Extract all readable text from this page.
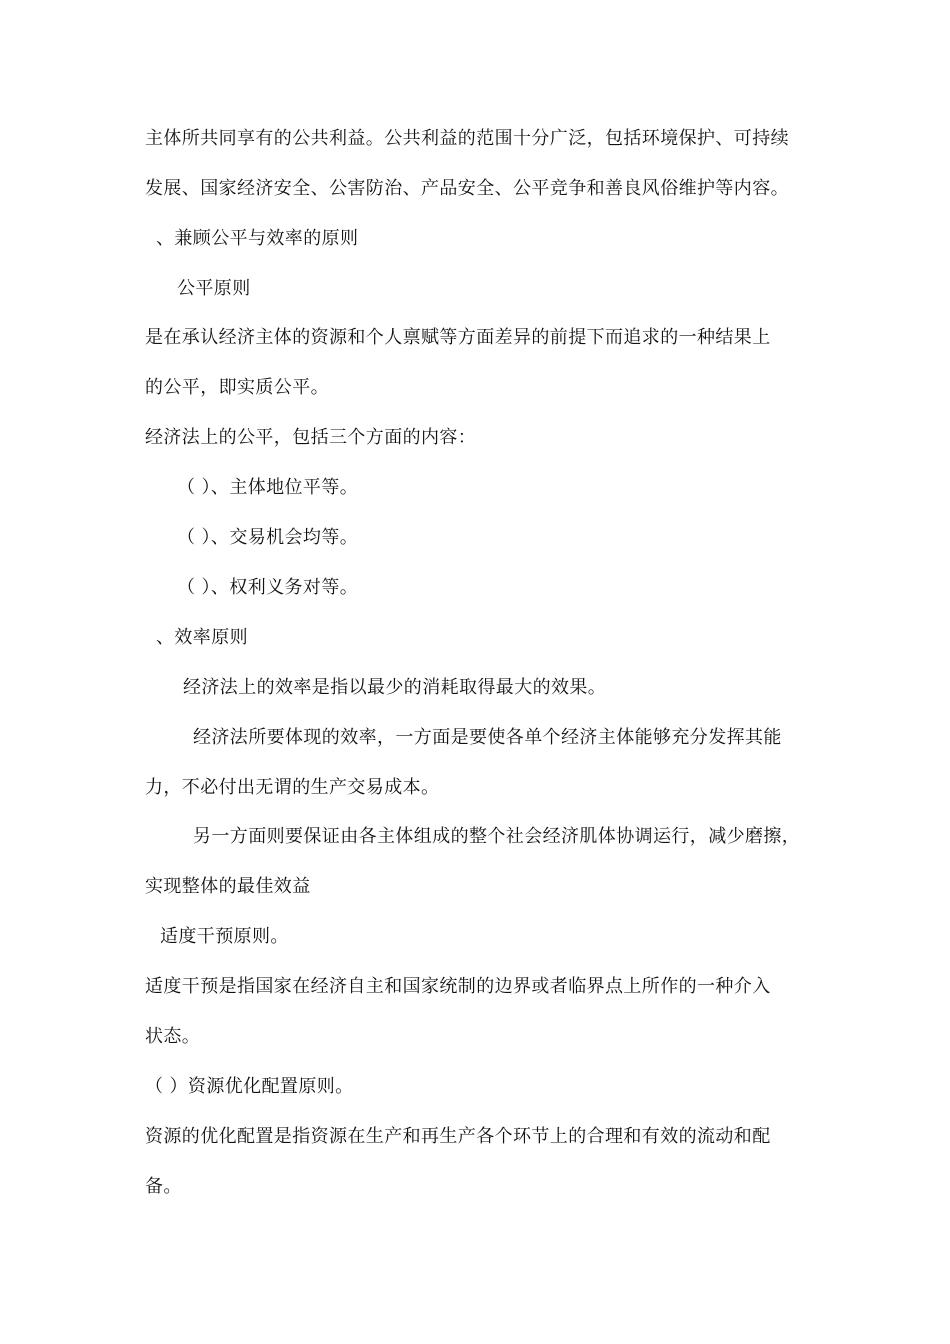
主体所共同享有的公共利益。公共利益的范围十分广泛，包括环境保护、可持续
发展、国家经济安全、公害防治、产品安全、公平竞争和善良风俗维护等内容。
、兼顾公平与效率的原则
公平原则
是在承认经济主体的资源和个人禀赋等方面差异的前提下而追求的一种结果上
的公平，即实质公平。
经济法上的公平，包括三个方面的内容：
（ ）、主体地位平等。
（ ）、交易机会均等。
（ ）、权利义务对等。
、效率原则
经济法上的效率是指以最少的消耗取得最大的效果。
经济法所要体现的效率，一方面是要使各单个经济主体能够充分发挥其能
力，不必付出无谓的生产交易成本。
另一方面则要保证由各主体组成的整个社会经济肌体协调运行，减少磨擦，
实现整体的最佳效益
适度干预原则。
适度干预是指国家在经济自主和国家统制的边界或者临界点上所作的一种介入
状态。
（ ）资源优化配置原则。
资源的优化配置是指资源在生产和再生产各个环节上的合理和有效的流动和配
备。
